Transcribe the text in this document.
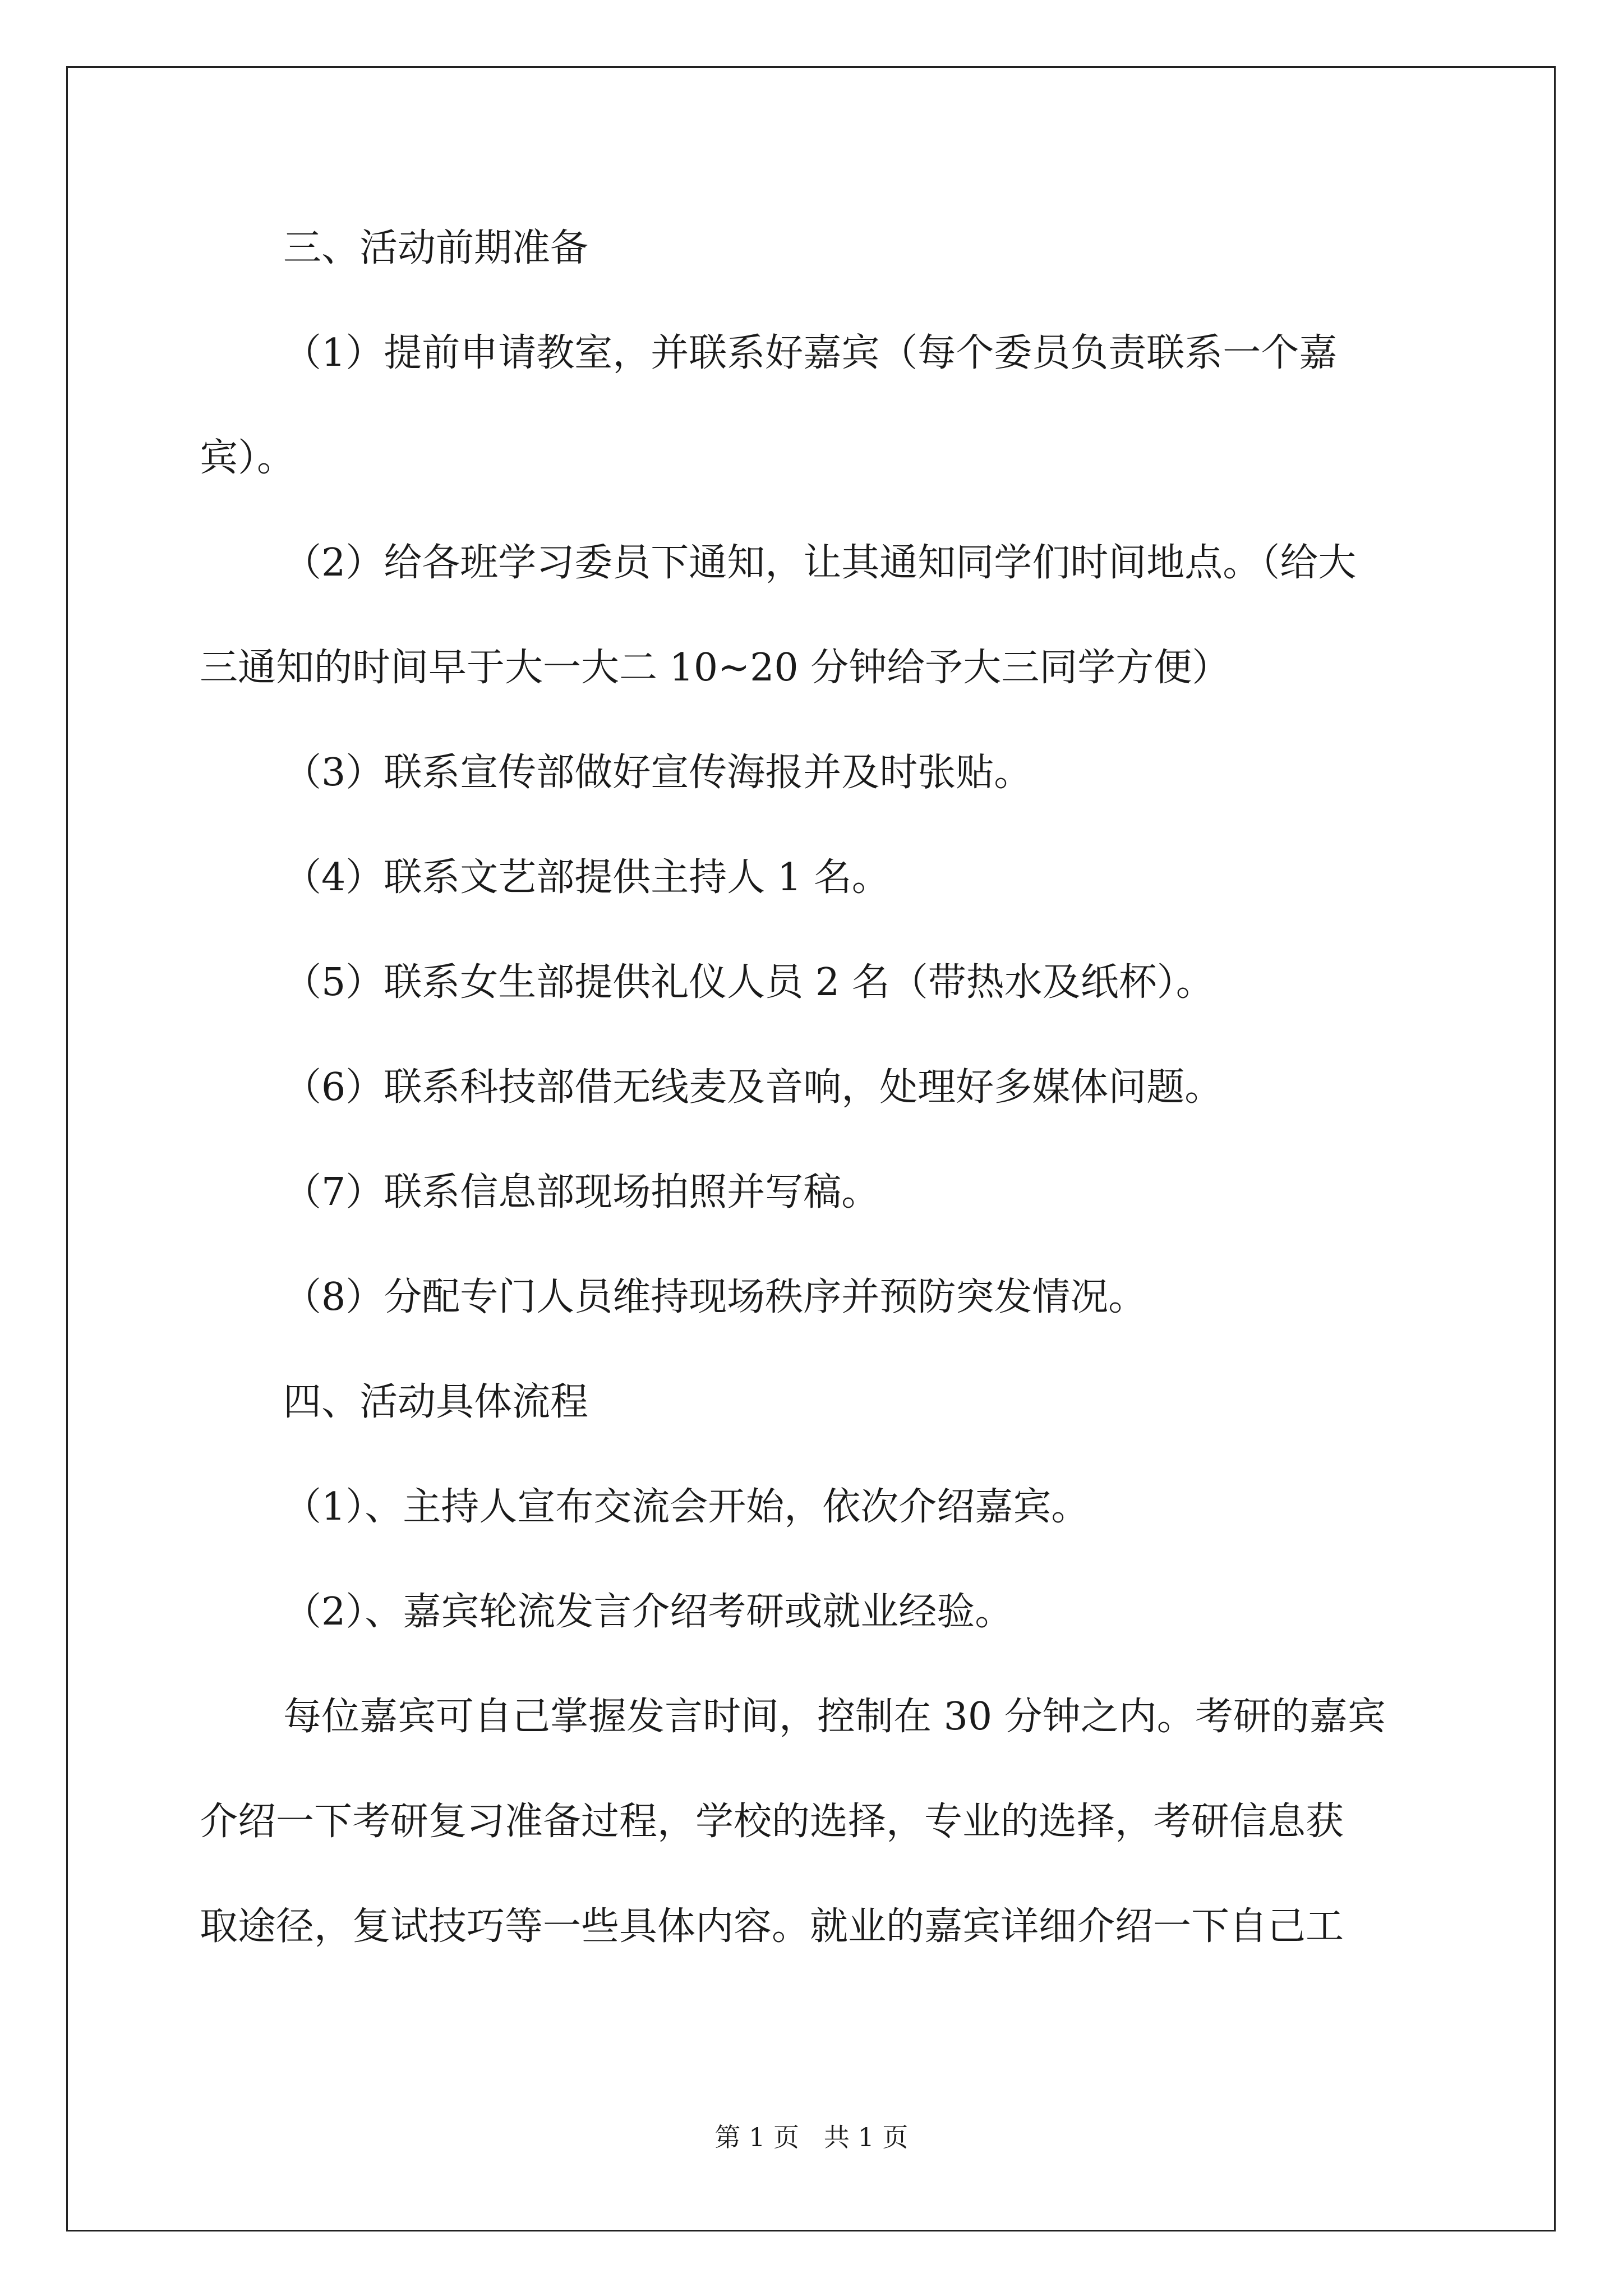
三、活动前期准备

（1）提前申请教室，并联系好嘉宾（每个委员负责联系一个嘉

宾）。

（2）给各班学习委员下通知，让其通知同学们时间地点。（给大

三通知的时间早于大一大二 10~20 分钟给予大三同学方便）

（3）联系宣传部做好宣传海报并及时张贴。

（4）联系文艺部提供主持人 1 名。

（5）联系女生部提供礼仪人员 2 名（带热水及纸杯）。

（6）联系科技部借无线麦及音响，处理好多媒体问题。

（7）联系信息部现场拍照并写稿。

（8）分配专门人员维持现场秩序并预防突发情况。

四、活动具体流程

（1）、主持人宣布交流会开始，依次介绍嘉宾。

（2）、嘉宾轮流发言介绍考研或就业经验。

每位嘉宾可自己掌握发言时间，控制在 30 分钟之内。考研的嘉宾

介绍一下考研复习准备过程，学校的选择，专业的选择，考研信息获

取途径，复试技巧等一些具体内容。就业的嘉宾详细介绍一下自己工

第 1 页   共 1 页
